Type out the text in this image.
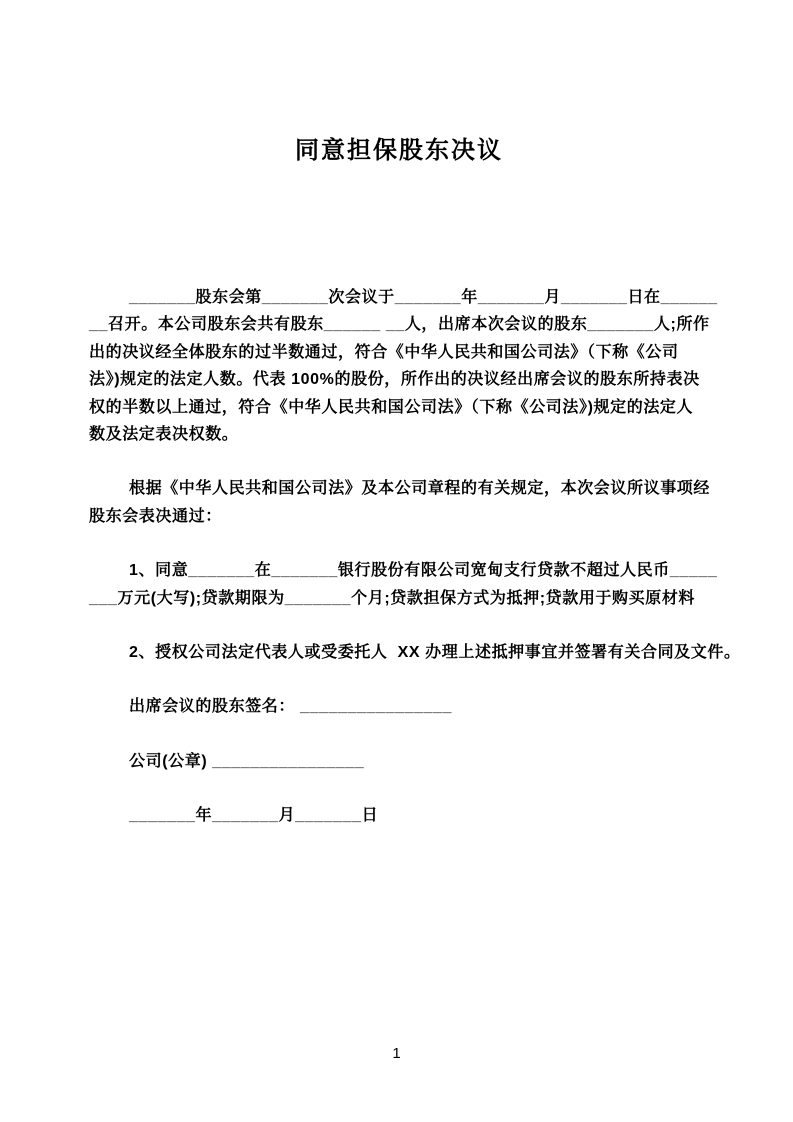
同意担保股东决议
_______股东会第_______次会议于_______年_______月_______日在______
__召开。本公司股东会共有股东______ __人，出席本次会议的股东_______人;所作
出的决议经全体股东的过半数通过，符合《中华人民共和国公司法》（下称《公司
法》)规定的法定人数。代表 100%的股份，所作出的决议经出席会议的股东所持表决
权的半数以上通过，符合《中华人民共和国公司法》（下称《公司法》)规定的法定人
数及法定表决权数。
根据《中华人民共和国公司法》及本公司章程的有关规定，本次会议所议事项经
股东会表决通过：
1、同意_______在_______银行股份有限公司宽甸支行贷款不超过人民币_____
___万元(大写);贷款期限为_______个月;贷款担保方式为抵押;贷款用于购买原材料
2、授权公司法定代表人或受委托人  XX 办理上述抵押事宜并签署有关合同及文件。
出席会议的股东签名： ________________
公司(公章) ________________
_______年_______月_______日
1
